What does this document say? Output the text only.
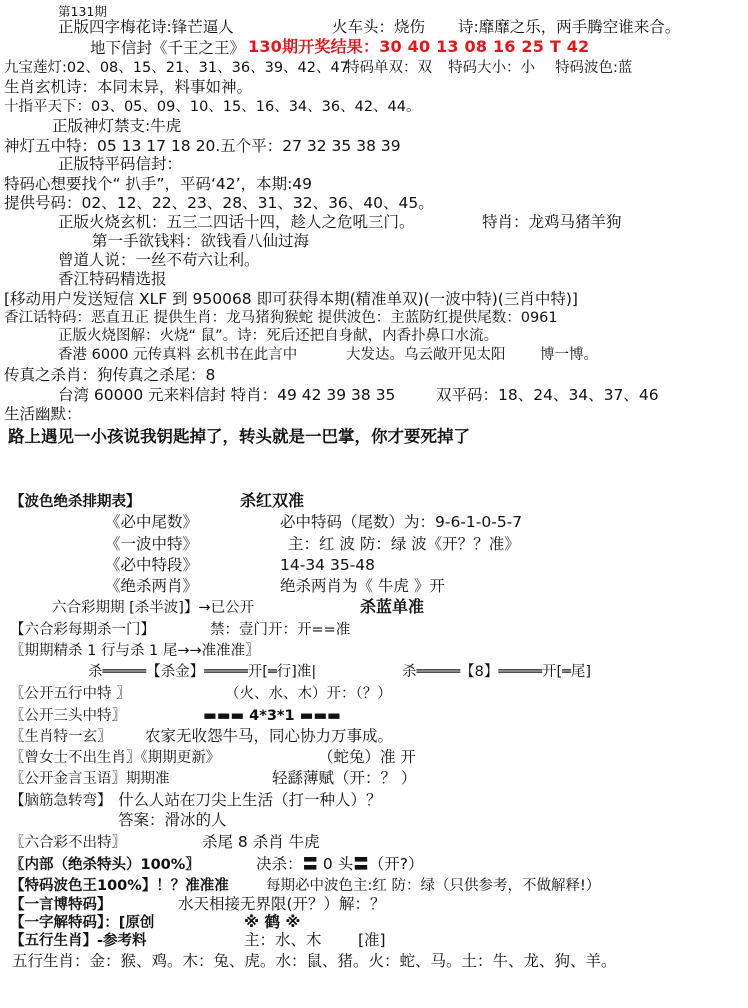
第131期
正版四字梅花诗:锋芒逼人	火车头：烧伤 诗:靡靡之乐，两手腾空谁来合。
地下信封《千王之王》 130期开奖结果：30 40 13 08 16 25 T 42
九宝莲灯:02、08、15、21、31、36、39、42、47
特码单双：双 特码大小：小 特码波色:蓝
生肖玄机诗：本同末异，料事如神。
十指平天下：03、05、09、10、15、16、34、36、42、44。
正版神灯禁支:牛虎
神灯五中特：05 13 17 18 20.五个平：27 32 35 38 39
正版特平码信封：
特码心想要找个“ 扒手”，平码‘42’，本期:49
提供号码：02、12、22、23、28、31、32、36、40、45。
正版火烧玄机：五三二四话十四，趁人之危吼三门。	特肖：龙鸡马猪羊狗
第一手欲钱料：欲钱看八仙过海
曾道人说：一丝不苟六让利。
香江特码精选报
[移动用户发送短信 XLF 到 950068 即可获得本期(精准单双)(一波中特)(三肖中特)]
香江话特码：恶直丑正 提供生肖：龙马猪狗猴蛇 提供波色：主蓝防红提供尾数：0961
正版火烧图解：火烧“ 鼠”。诗：死后还把自身献，内香扑鼻口水流。
香港 6000 元传真料 玄机书在此言中	大发达。乌云敞开见太阳 博一博。
传真之杀肖：狗传真之杀尾：8
台湾 60000 元来料信封 特肖：49 42 39 38 35	双平码：18、24、34、37、46
生活幽默：
路上遇见一小孩说我钥匙掉了，转头就是一巴掌，你才要死掉了
【波色绝杀排期表】	杀红双准
《必中尾数》	必中特码（尾数）为：9-6-1-0-5-7
《一波中特》	主：红 波 防：绿 波《开？？准》
《必中特段》	14-34 35-48
《绝杀两肖》	绝杀两肖为《 牛虎 》开
六合彩期期 [杀半波]】→已公开	杀蓝单准
【六合彩每期杀一门】	禁：壹门开：开==准
〖期期精杀 1 行与杀 1 尾→→准准准〗
杀═════【杀金】═════开[═行]准|	杀═════【8】═════开[═尾]
〖公开五行中特 〗	（火、水、木）开：（？）
〖公开三头中特〗	▬▬▬ 4*3*1 ▬▬▬
〖生肖特一玄〗 农家无收怨牛马，同心协力万事成。
〖曾女士不出生肖〗《期期更新》	（蛇兔）准 开
〖公开金言玉语〗期期准	轻繇薄赋（开：？ ）
【脑筋急转弯】 什么人站在刀尖上生活（打一种人）？
答案：滑冰的人
〖六合彩不出特〗	杀尾 8 杀肖 牛虎
〖内部（绝杀特头）100%〗	决杀：〓 0 头〓（开?）
【特码波色王100%】！？准准准	每期必中波色主:红 防：绿（只供参考，不做解释!）
【一言博特码】	水天相接无界限(开？）解：？
【一字解特码】：[原创	※ 鹤 ※
【五行生肖】-参考料	主：水、木 [准]
五行生肖：金：猴、鸡。木：兔、虎。水：鼠、猪。火：蛇、马。土：牛、龙、狗、羊。
